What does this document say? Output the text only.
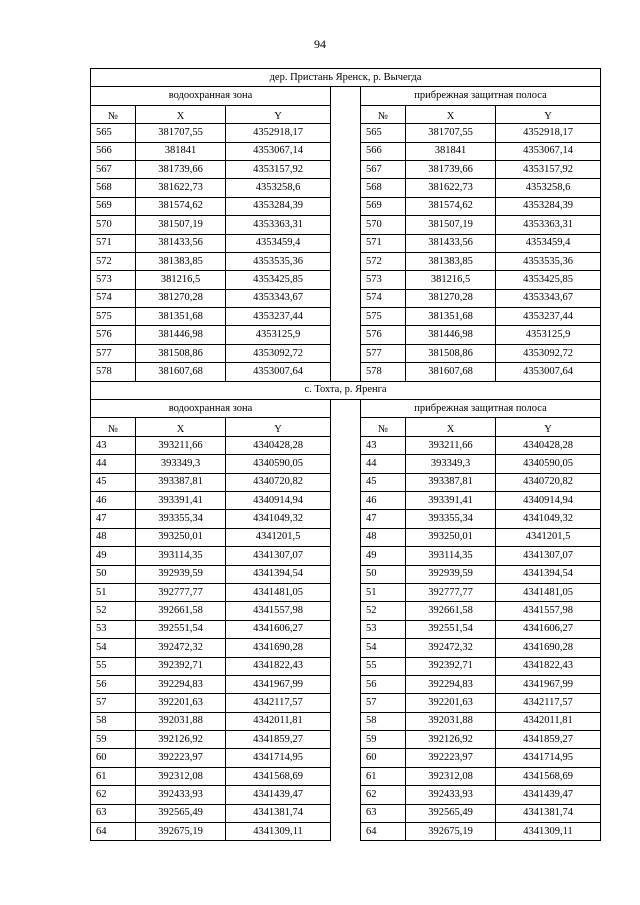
94
дер. Пристань Яренск, р. Вычегда						
водоохранная зона				прибрежная защитная полоса		
№	X	Y		№	X	Y
565	381707,55	4352918,17		565	381707,55	4352918,17
566	381841	4353067,14		566	381841	4353067,14
567	381739,66	4353157,92		567	381739,66	4353157,92
568	381622,73	4353258,6		568	381622,73	4353258,6
569	381574,62	4353284,39		569	381574,62	4353284,39
570	381507,19	4353363,31		570	381507,19	4353363,31
571	381433,56	4353459,4		571	381433,56	4353459,4
572	381383,85	4353535,36		572	381383,85	4353535,36
573	381216,5	4353425,85		573	381216,5	4353425,85
574	381270,28	4353343,67		574	381270,28	4353343,67
575	381351,68	4353237,44		575	381351,68	4353237,44
576	381446,98	4353125,9		576	381446,98	4353125,9
577	381508,86	4353092,72		577	381508,86	4353092,72
578	381607,68	4353007,64		578	381607,68	4353007,64
с. Тохта, р. Яренга						
водоохранная зона				прибрежная защитная полоса		
№	X	Y		№	X	Y
43	393211,66	4340428,28		43	393211,66	4340428,28
44	393349,3	4340590,05		44	393349,3	4340590,05
45	393387,81	4340720,82		45	393387,81	4340720,82
46	393391,41	4340914,94		46	393391,41	4340914,94
47	393355,34	4341049,32		47	393355,34	4341049,32
48	393250,01	4341201,5		48	393250,01	4341201,5
49	393114,35	4341307,07		49	393114,35	4341307,07
50	392939,59	4341394,54		50	392939,59	4341394,54
51	392777,77	4341481,05		51	392777,77	4341481,05
52	392661,58	4341557,98		52	392661,58	4341557,98
53	392551,54	4341606,27		53	392551,54	4341606,27
54	392472,32	4341690,28		54	392472,32	4341690,28
55	392392,71	4341822,43		55	392392,71	4341822,43
56	392294,83	4341967,99		56	392294,83	4341967,99
57	392201,63	4342117,57		57	392201,63	4342117,57
58	392031,88	4342011,81		58	392031,88	4342011,81
59	392126,92	4341859,27		59	392126,92	4341859,27
60	392223,97	4341714,95		60	392223,97	4341714,95
61	392312,08	4341568,69		61	392312,08	4341568,69
62	392433,93	4341439,47		62	392433,93	4341439,47
63	392565,49	4341381,74		63	392565,49	4341381,74
64	392675,19	4341309,11		64	392675,19	4341309,11
